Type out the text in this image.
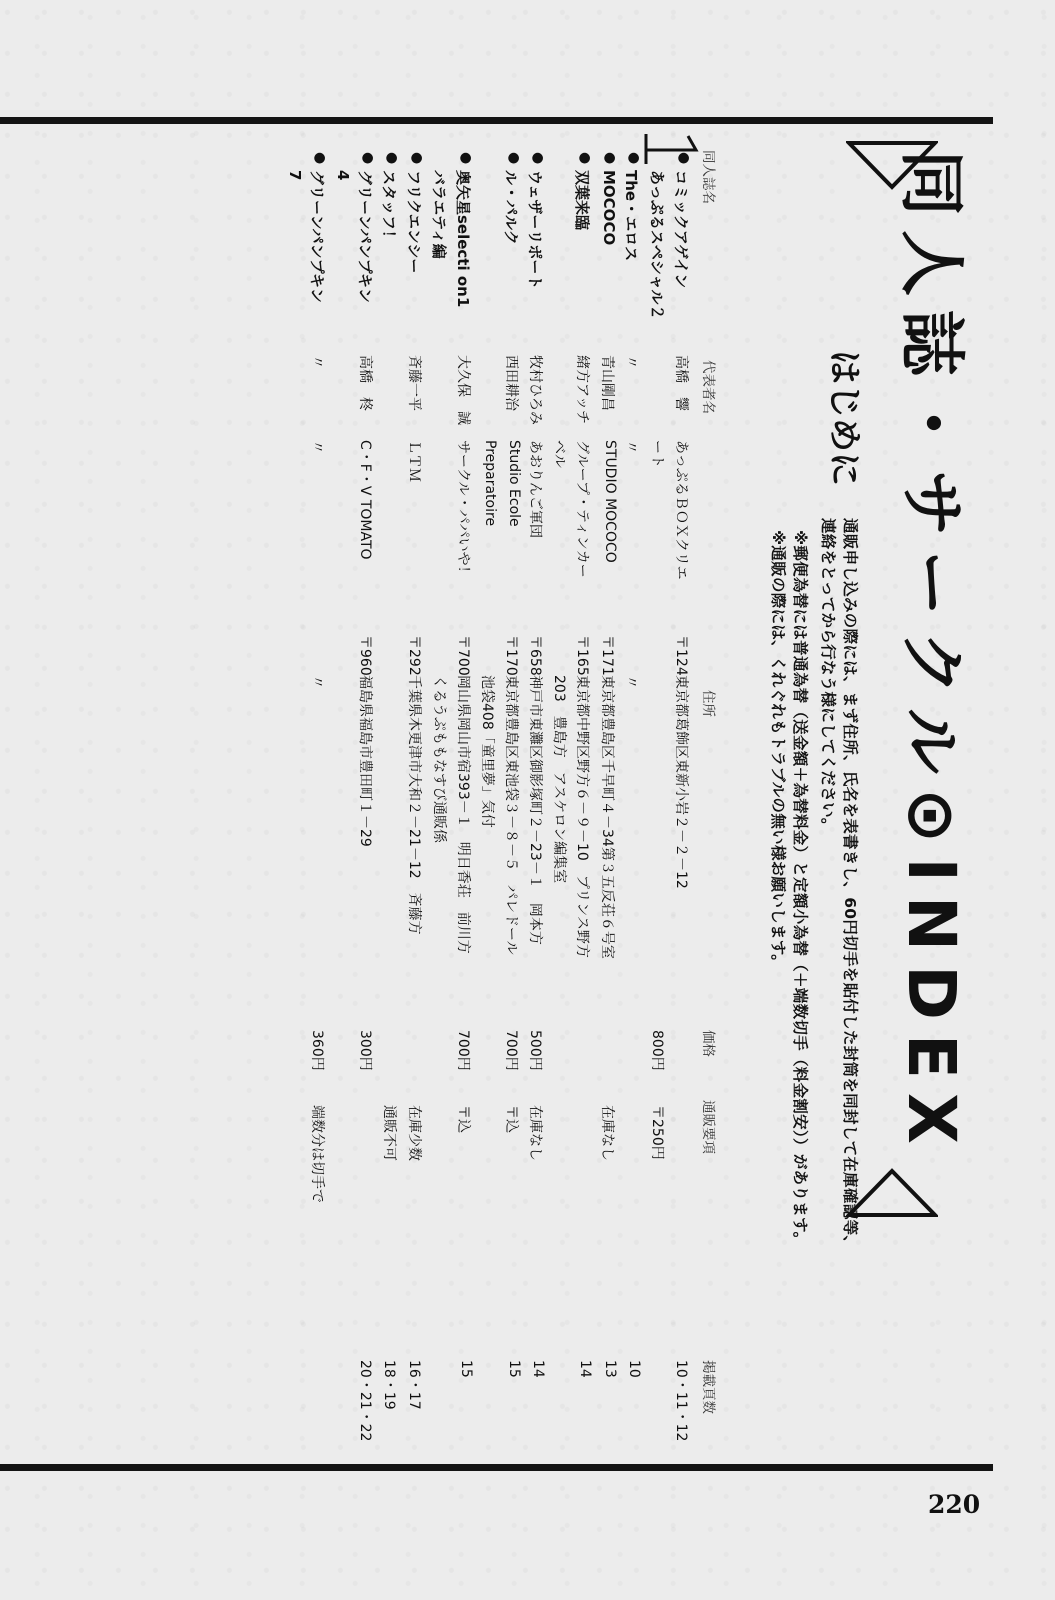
220
同人誌・サークル⊙INDEX
はじめに
通販申し込みの際には、まず住所、氏名を表書きし、60円切手を貼付した封筒を同封して在庫確認等、
連絡をとってから行なう様にしてください。
※郵便為替には普通為替（送金額＋為替料金）と定額小為替（＋端数切手（料金割安））があります。
※通販の際には、くれぐれもトラブルの無い様お願いします。
同人誌名
代表者名
住所
価格
通販要項
掲載頁数
●
コミックアゲイン
高橋　響
あっぷるＢＯＸクリエ
〒124
東京都葛飾区東新小岩２－２－12
10・11・12
あっぷるスペシャル２
ート
800円
〒250円
●
The・エロス
〃
〃
〃
10
●
MOCOCO
青山剛昌
STUDIO MOCOCO
〒171
東京都豊島区千早町４－34第３五反荘６号室
在庫なし
13
●
双葉来臨
緒方アッチ
グループ・ティンカー
〒165
東京都中野区野方６－９－10　プリンス野方
14
ベル
203　豊島方　アスケロン編集室
●
ウェザーリポート
牧村ひろみ
あおりんご軍団
〒658
神戸市東灘区御影塚町２－23－１　岡本方
500円
在庫なし
14
●
ル・パルク
西田耕治
Studio Ecole
〒170
東京都豊島区東池袋３－８－５　パレドール
700円
〒込
15
Preparatoire
池袋408「童里夢」気付
●
奥矢星selecti on1
大久保　誠
サークル・パパいや！
〒700
岡山県岡山市宿393－１　明日香荘　前川方
700円
〒込
15
バラエティ編
くるうぷももなすび通販係
●
フリクエンシー
斉藤一平
ＬＴＭ
〒292
千葉県木更津市大和２－21－12　斉藤方
在庫少数
16・17
●
スタッフ！
通販不可
18・19
●
グリーンパンプキン
高橋　柊
C・F・V TOMATO
〒960
福島県福島市豊田町１－29
300円
20・21・22
4
●
グリーンパンプキン
〃
〃
〃
360円
端数分は切手で
7
